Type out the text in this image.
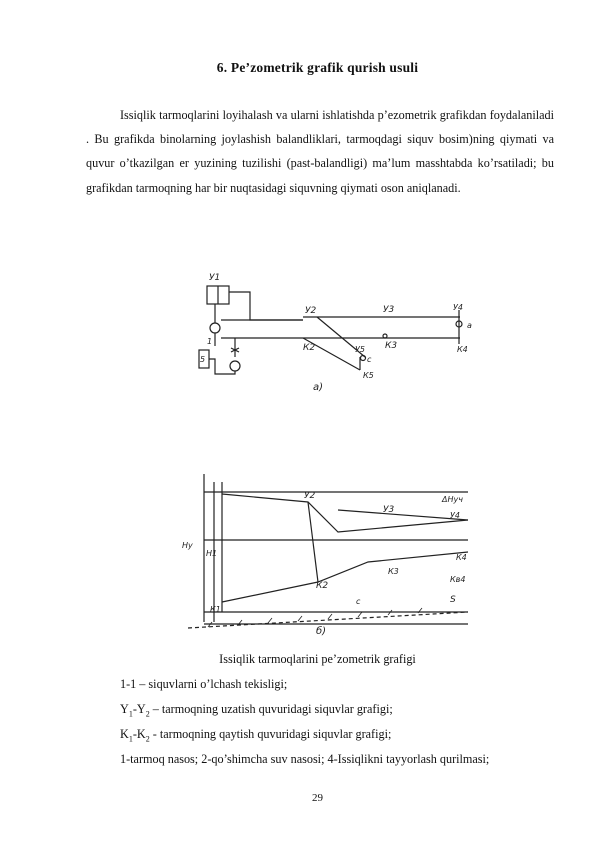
6. Pe’zometrik grafik qurish usuli

Issiqlik tarmoqlarini loyihalash va ularni ishlatishda p’ezometrik grafikdan foydalaniladi . Bu grafikda binolarning joylashish balandliklari, tarmoqdagi siquv bosim)ning qiymati va quvur o’tkazilgan er yuzining tuzilishi (past-balandligi) ma’lum masshtabda ko’rsatiladi; bu grafikdan tarmoqning har bir nuqtasidagi siquvning qiymati oson aniqlanadi.

У1
У2	У3	У4
К2	К3	К4
У5
К5
1
5
а
с
а)
У2
У3
У4
К2
К3
К4
ΔНуч
Кв4
Н1
Ну
К1
с	Ѕ
б)
Issiqlik tarmoqlarini pe’zometrik grafigi
1-1 – siquvlarni o’lchash tekisligi;
$Y_1-Y_2$ – tarmoqning uzatish quvuridagi siquvlar grafigi;
$K_1-K_2$ - tarmoqning qaytish quvuridagi siquvlar grafigi;
1-tarmoq nasos; 2-qo’shimcha suv nasosi; 4-Issiqlikni tayyorlash qurilmasi;
29
